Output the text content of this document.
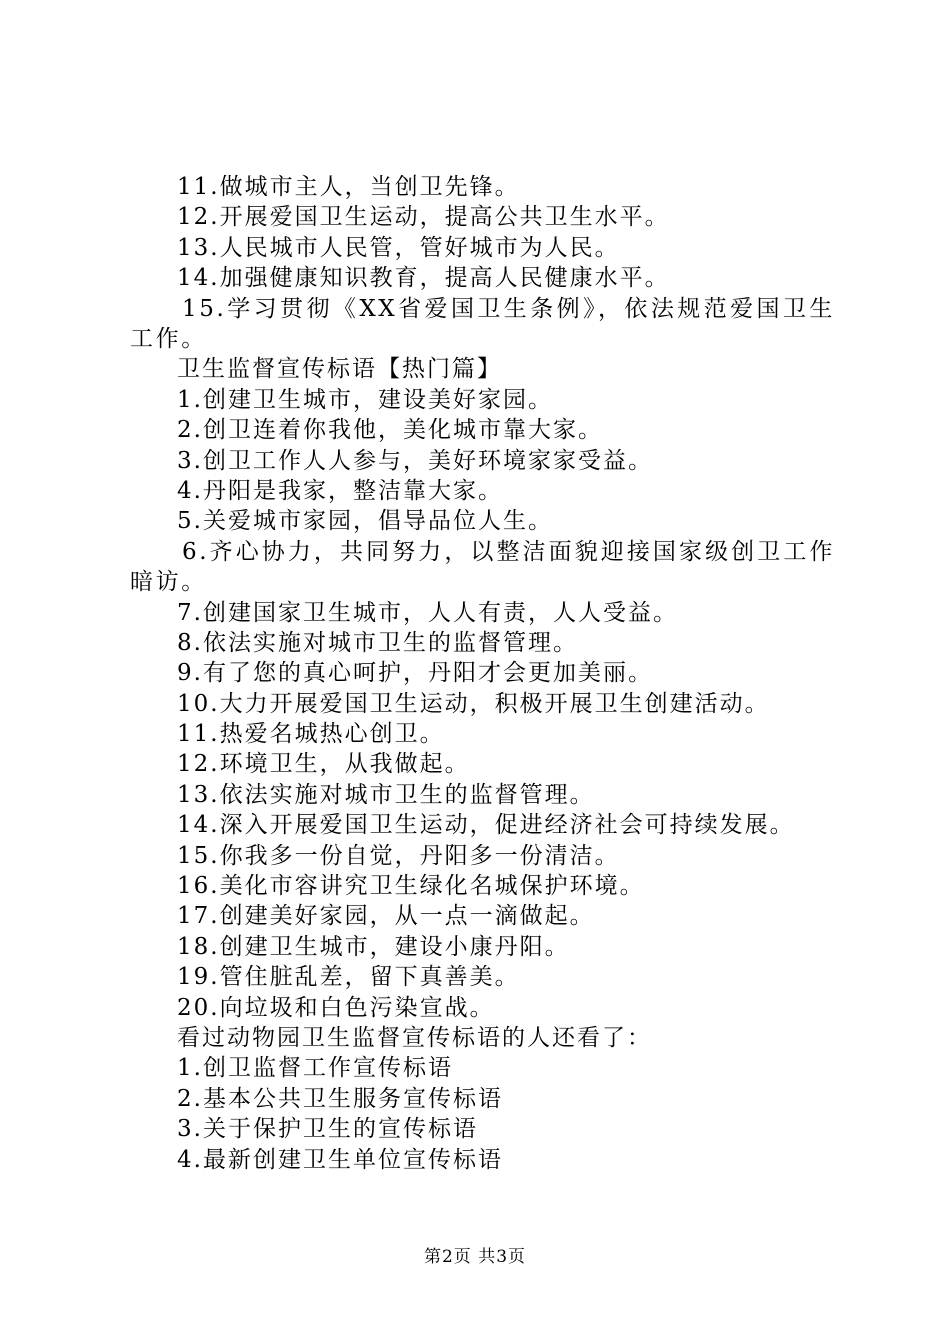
11.做城市主人，当创卫先锋。
12.开展爱国卫生运动，提高公共卫生水平。
13.人民城市人民管，管好城市为人民。
14.加强健康知识教育，提高人民健康水平。
15.学习贯彻《XX省爱国卫生条例》，依法规范爱国卫生工作。
卫生监督宣传标语【热门篇】
1.创建卫生城市，建设美好家园。
2.创卫连着你我他，美化城市靠大家。
3.创卫工作人人参与，美好环境家家受益。
4.丹阳是我家，整洁靠大家。
5.关爱城市家园，倡导品位人生。
6.齐心协力，共同努力，以整洁面貌迎接国家级创卫工作暗访。
7.创建国家卫生城市，人人有责，人人受益。
8.依法实施对城市卫生的监督管理。
9.有了您的真心呵护，丹阳才会更加美丽。
10.大力开展爱国卫生运动，积极开展卫生创建活动。
11.热爱名城热心创卫。
12.环境卫生，从我做起。
13.依法实施对城市卫生的监督管理。
14.深入开展爱国卫生运动，促进经济社会可持续发展。
15.你我多一份自觉，丹阳多一份清洁。
16.美化市容讲究卫生绿化名城保护环境。
17.创建美好家园，从一点一滴做起。
18.创建卫生城市，建设小康丹阳。
19.管住脏乱差，留下真善美。
20.向垃圾和白色污染宣战。
看过动物园卫生监督宣传标语的人还看了：
1.创卫监督工作宣传标语
2.基本公共卫生服务宣传标语
3.关于保护卫生的宣传标语
4.最新创建卫生单位宣传标语
第2页 共3页
